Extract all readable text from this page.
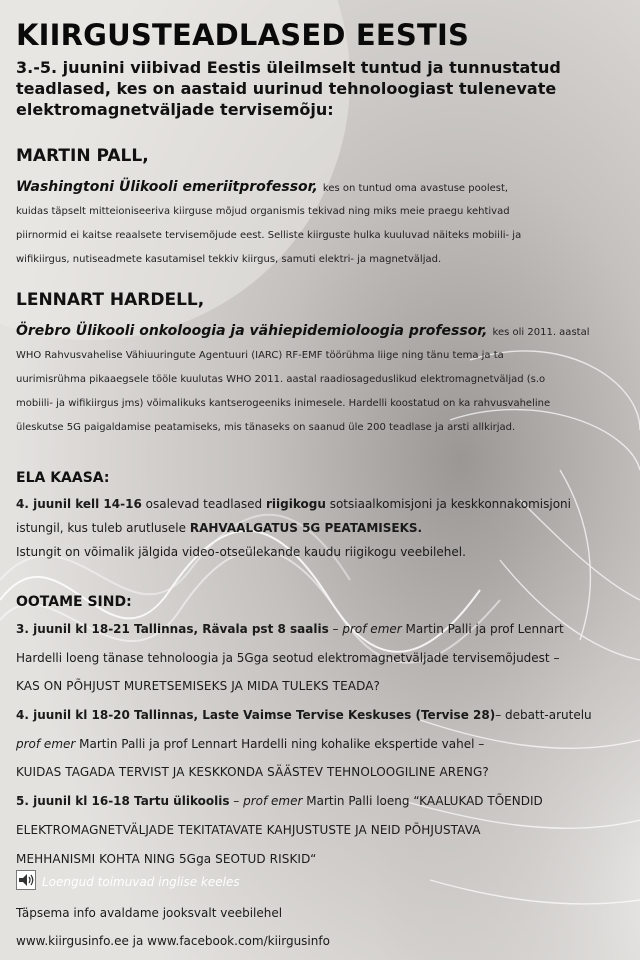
KIIRGUSTEADLASED EESTIS
3.-5. juunini viibivad Eestis üleilmselt tuntud ja tunnustatud teadlased, kes on aastaid uurinud tehnoloogiast tulenevate elektromagnetväljade tervisemõju:
MARTIN PALL,
Washingtoni Ülikooli emeriitprofessor, kes on tuntud oma avastuse poolest,
kuidas täpselt mitteioniseeriva kiirguse mõjud organismis tekivad ning miks meie praegu kehtivad
piirnormid ei kaitse reaalsete tervisemõjude eest. Selliste kiirguste hulka kuuluvad näiteks mobiili- ja
wifikiirgus, nutiseadmete kasutamisel tekkiv kiirgus, samuti elektri- ja magnetväljad.
LENNART HARDELL,
Örebro Ülikooli onkoloogia ja vähiepidemioloogia professor, kes oli 2011. aastal
WHO Rahvusvahelise Vähiuuringute Agentuuri (IARC) RF-EMF töörühma liige ning tänu tema ja ta
uurimisrühma pikaaegsele tööle kuulutas WHO 2011. aastal raadiosageduslikud elektromagnetväljad (s.o
mobiili- ja wifikiirgus jms) võimalikuks kantserogeeniks inimesele. Hardelli koostatud on ka rahvusvaheline
üleskutse 5G paigaldamise peatamiseks, mis tänaseks on saanud üle 200 teadlase ja arsti allkirjad.
ELA KAASA:
4. juunil kell 14-16 osalevad teadlased riigikogu sotsiaalkomisjoni ja keskkonnakomisjoni
istungil, kus tuleb arutlusele RAHVAALGATUS 5G PEATAMISEKS.
Istungit on võimalik jälgida video-otseülekande kaudu riigikogu veebilehel.
OOTAME SIND:
3. juunil kl 18-21 Tallinnas, Rävala pst 8 saalis – prof emer Martin Palli ja prof Lennart
Hardelli loeng tänase tehnoloogia ja 5Gga seotud elektromagnetväljade tervisemõjudest –
KAS ON PÕHJUST MURETSEMISEKS JA MIDA TULEKS TEADA?
4. juunil kl 18-20 Tallinnas, Laste Vaimse Tervise Keskuses (Tervise 28)– debatt-arutelu
prof emer Martin Palli ja prof Lennart Hardelli ning kohalike ekspertide vahel –
KUIDAS TAGADA TERVIST JA KESKKONDA SÄÄSTEV TEHNOLOOGILINE ARENG?
5. juunil kl 16-18 Tartu ülikoolis – prof emer Martin Palli loeng “KAALUKAD TÕENDID
ELEKTROMAGNETVÄLJADE TEKITATAVATE KAHJUSTUSTE JA NEID PÕHJUSTAVA
MEHHANISMI KOHTA NING 5Gga SEOTUD RISKID“
Loengud toimuvad inglise keeles
Täpsema info avaldame jooksvalt veebilehel
www.kiirgusinfo.ee ja www.facebook.com/kiirgusinfo
